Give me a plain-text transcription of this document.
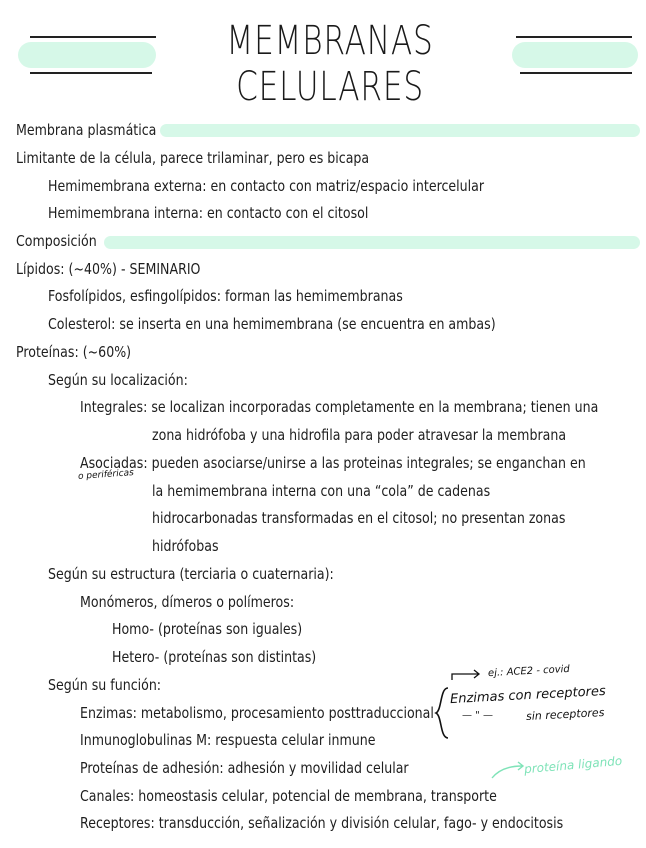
MEMBRANAS CELULARES
Membrana plasmática
Limitante de la célula, parece trilaminar, pero es bicapa
Hemimembrana externa: en contacto con matriz/espacio intercelular
Hemimembrana interna: en contacto con el citosol
Composición
Lípidos: (~40%) - SEMINARIO
Fosfolípidos, esfingolípidos: forman las hemimembranas
Colesterol: se inserta en una hemimembrana (se encuentra en ambas)
Proteínas: (~60%)
Según su localización:
Integrales: se localizan incorporadas completamente en la membrana; tienen una
zona hidrófoba y una hidrofila para poder atravesar la membrana
Asociadas: pueden asociarse/unirse a las proteinas integrales; se enganchan en
la hemimembrana interna con una “cola” de cadenas
hidrocarbonadas transformadas en el citosol; no presentan zonas
hidrófobas
Según su estructura (terciaria o cuaternaria):
Monómeros, dímeros o polímeros:
Homo- (proteínas son iguales)
Hetero- (proteínas son distintas)
Según su función:
Enzimas: metabolismo, procesamiento posttraduccional
Inmunoglobulinas M: respuesta celular inmune
Proteínas de adhesión: adhesión y movilidad celular
Canales: homeostasis celular, potencial de membrana, transporte
Receptores: transducción, señalización y división celular, fago- y endocitosis
o periféricas
ej.: ACE2 - covid
Enzimas con receptores
— " —	sin receptores
proteína ligando
